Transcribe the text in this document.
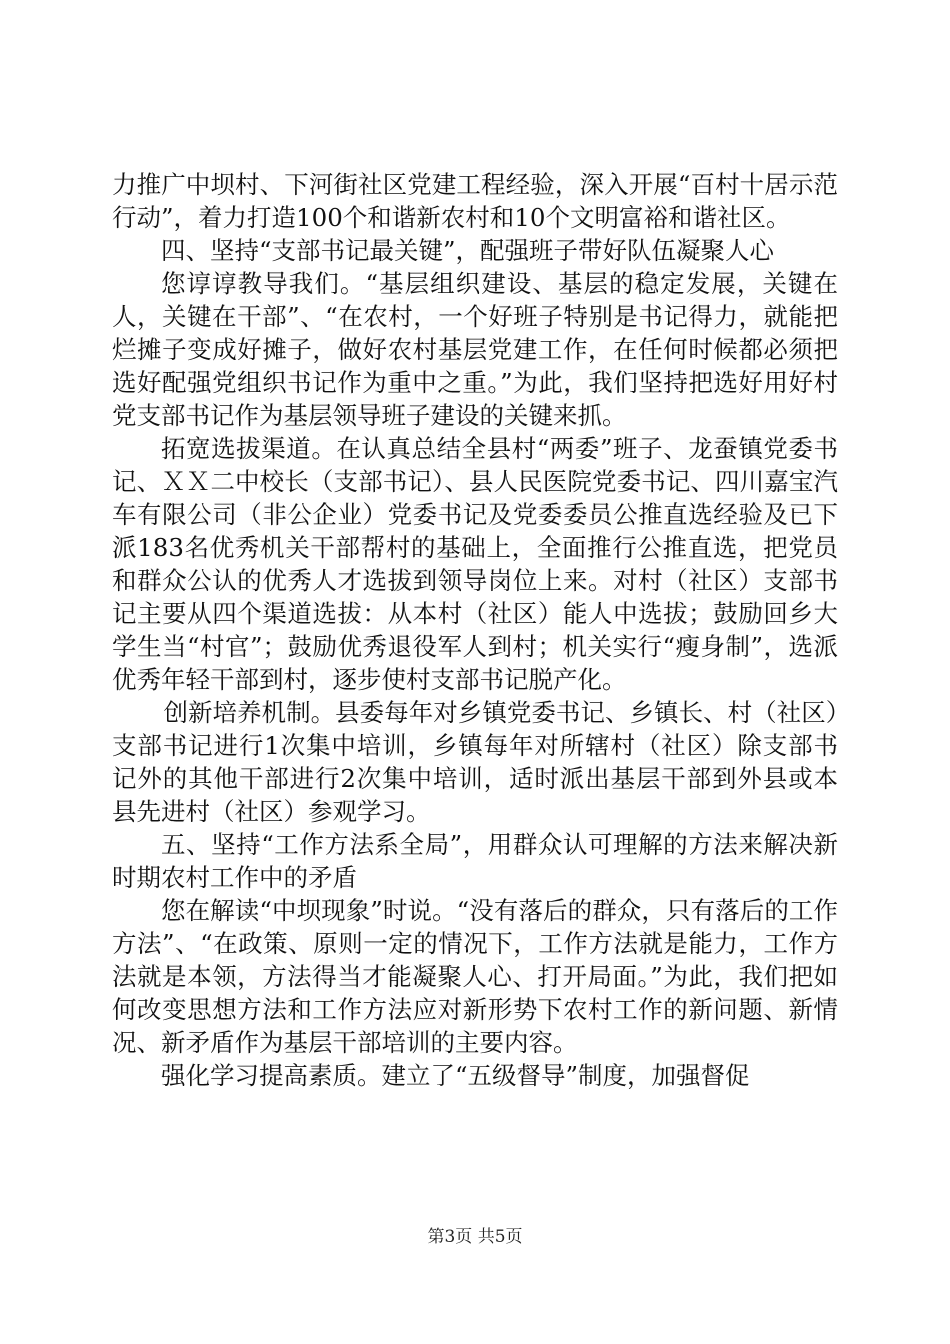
力推广中坝村、下河街社区党建工程经验，深入开展“百村十居示范行动”，着力打造100个和谐新农村和10个文明富裕和谐社区。

四、坚持“支部书记最关键”，配强班子带好队伍凝聚人心

您谆谆教导我们。“基层组织建设、基层的稳定发展，关键在人，关键在干部”、“在农村，一个好班子特别是书记得力，就能把烂摊子变成好摊子，做好农村基层党建工作，在任何时候都必须把选好配强党组织书记作为重中之重。”为此，我们坚持把选好用好村党支部书记作为基层领导班子建设的关键来抓。

拓宽选拔渠道。在认真总结全县村“两委”班子、龙蚕镇党委书记、ＸＸ二中校长（支部书记）、县人民医院党委书记、四川嘉宝汽车有限公司（非公企业）党委书记及党委委员公推直选经验及已下派183名优秀机关干部帮村的基础上，全面推行公推直选，把党员和群众公认的优秀人才选拔到领导岗位上来。对村（社区）支部书记主要从四个渠道选拔：从本村（社区）能人中选拔；鼓励回乡大学生当“村官”；鼓励优秀退役军人到村；机关实行“瘦身制”，选派优秀年轻干部到村，逐步使村支部书记脱产化。

创新培养机制。县委每年对乡镇党委书记、乡镇长、村（社区）支部书记进行1次集中培训，乡镇每年对所辖村（社区）除支部书记外的其他干部进行2次集中培训，适时派出基层干部到外县或本县先进村（社区）参观学习。

五、坚持“工作方法系全局”，用群众认可理解的方法来解决新时期农村工作中的矛盾

您在解读“中坝现象”时说。“没有落后的群众，只有落后的工作方法”、“在政策、原则一定的情况下，工作方法就是能力，工作方法就是本领，方法得当才能凝聚人心、打开局面。”为此，我们把如何改变思想方法和工作方法应对新形势下农村工作的新问题、新情况、新矛盾作为基层干部培训的主要内容。

强化学习提高素质。建立了“五级督导”制度，加强督促

第3页 共5页
